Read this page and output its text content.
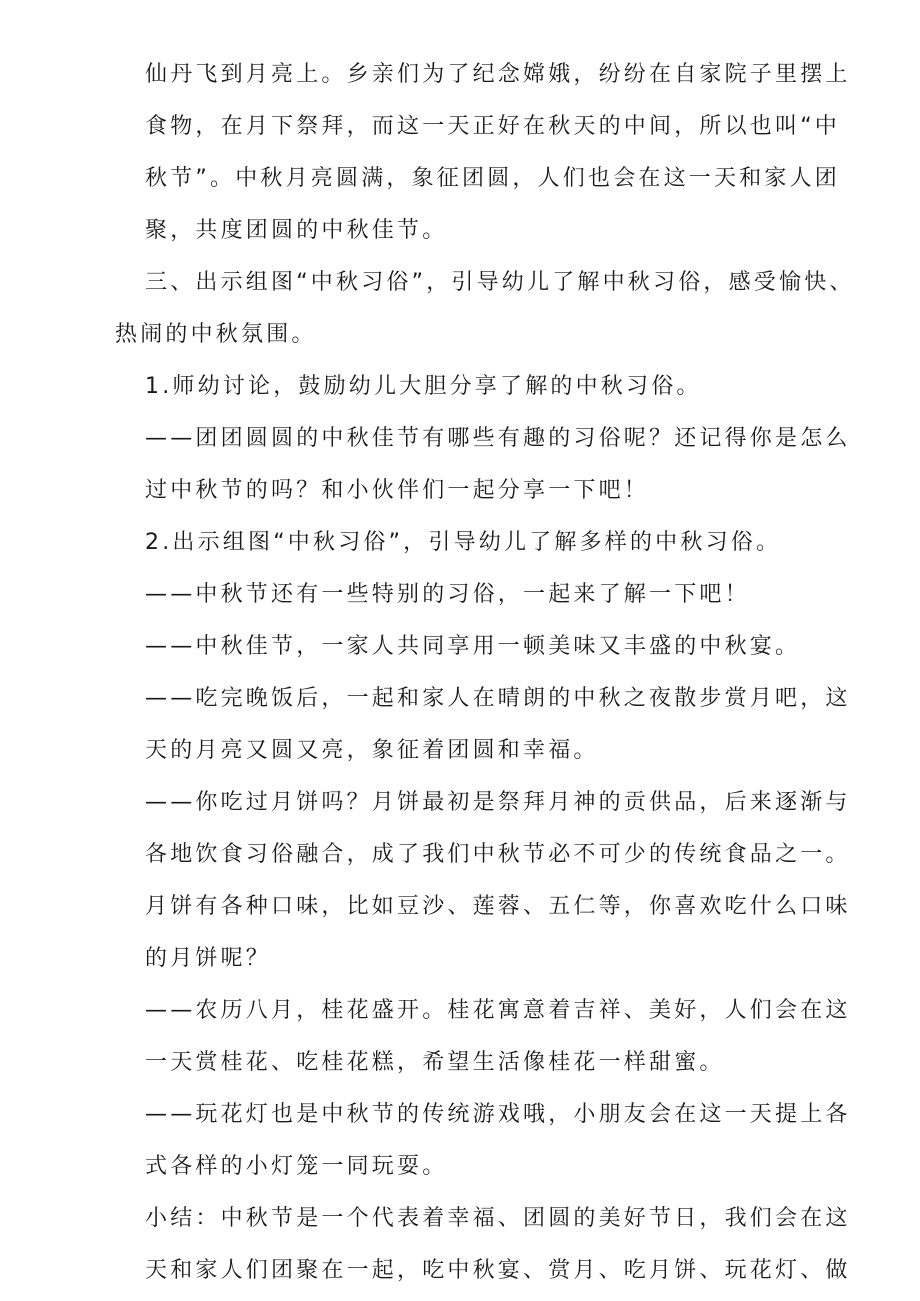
仙丹飞到月亮上。乡亲们为了纪念嫦娥，纷纷在自家院子里摆上
食物，在月下祭拜，而这一天正好在秋天的中间，所以也叫“中
秋节”。中秋月亮圆满，象征团圆，人们也会在这一天和家人团
聚，共度团圆的中秋佳节。
三、出示组图“中秋习俗”，引导幼儿了解中秋习俗，感受愉快、
热闹的中秋氛围。
1.师幼讨论，鼓励幼儿大胆分享了解的中秋习俗。
——团团圆圆的中秋佳节有哪些有趣的习俗呢？还记得你是怎么
过中秋节的吗？和小伙伴们一起分享一下吧！
2.出示组图“中秋习俗”，引导幼儿了解多样的中秋习俗。
——中秋节还有一些特别的习俗，一起来了解一下吧！
——中秋佳节，一家人共同享用一顿美味又丰盛的中秋宴。
——吃完晚饭后，一起和家人在晴朗的中秋之夜散步赏月吧，这
天的月亮又圆又亮，象征着团圆和幸福。
——你吃过月饼吗？月饼最初是祭拜月神的贡供品，后来逐渐与
各地饮食习俗融合，成了我们中秋节必不可少的传统食品之一。
月饼有各种口味，比如豆沙、莲蓉、五仁等，你喜欢吃什么口味
的月饼呢？
——农历八月，桂花盛开。桂花寓意着吉祥、美好，人们会在这
一天赏桂花、吃桂花糕，希望生活像桂花一样甜蜜。
——玩花灯也是中秋节的传统游戏哦，小朋友会在这一天提上各
式各样的小灯笼一同玩耍。
小结：中秋节是一个代表着幸福、团圆的美好节日，我们会在这
天和家人们团聚在一起，吃中秋宴、赏月、吃月饼、玩花灯、做
